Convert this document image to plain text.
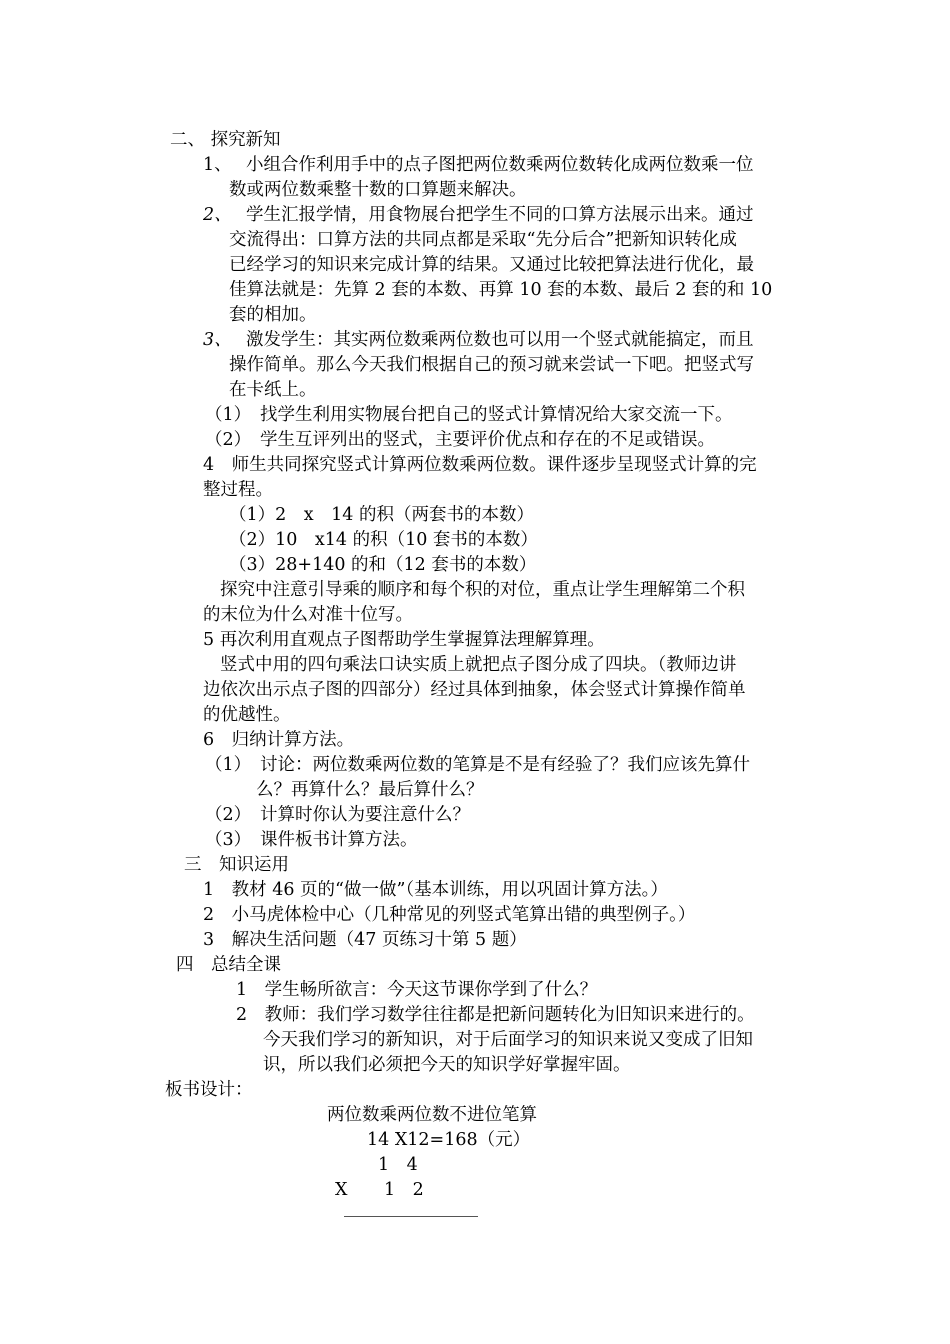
二、 探究新知
1、 小组合作利用手中的点子图把两位数乘两位数转化成两位数乘一位
数或两位数乘整十数的口算题来解决。
2、 学生汇报学情，用食物展台把学生不同的口算方法展示出来。通过
交流得出：口算方法的共同点都是采取“先分后合”把新知识转化成
已经学习的知识来完成计算的结果。又通过比较把算法进行优化，最
佳算法就是：先算 2 套的本数、再算 10 套的本数、最后 2 套的和 10
套的相加。
3、 激发学生：其实两位数乘两位数也可以用一个竖式就能搞定，而且
操作简单。那么今天我们根据自己的预习就来尝试一下吧。把竖式写
在卡纸上。
（1） 找学生利用实物展台把自己的竖式计算情况给大家交流一下。
（2） 学生互评列出的竖式，主要评价优点和存在的不足或错误。
4　师生共同探究竖式计算两位数乘两位数。课件逐步呈现竖式计算的完
整过程。
（1）2　x　14 的积（两套书的本数）
（2）10　x14 的积（10 套书的本数）
（3）28+140 的和（12 套书的本数）
探究中注意引导乘的顺序和每个积的对位，重点让学生理解第二个积
的末位为什么对准十位写。
5 再次利用直观点子图帮助学生掌握算法理解算理。
竖式中用的四句乘法口诀实质上就把点子图分成了四块。（教师边讲
边依次出示点子图的四部分）经过具体到抽象，体会竖式计算操作简单
的优越性。
6　归纳计算方法。
（1） 讨论：两位数乘两位数的笔算是不是有经验了？我们应该先算什
么？再算什么？最后算什么？
（2） 计算时你认为要注意什么？
（3） 课件板书计算方法。
三　知识运用
1　教材 46 页的“做一做”（基本训练，用以巩固计算方法。）
2　小马虎体检中心（几种常见的列竖式笔算出错的典型例子。）
3　解决生活问题（47 页练习十第 5 题）
四　总结全课
1　学生畅所欲言：今天这节课你学到了什么？
2　教师：我们学习数学往往都是把新问题转化为旧知识来进行的。
今天我们学习的新知识，对于后面学习的知识来说又变成了旧知
识，所以我们必须把今天的知识学好掌握牢固。
板书设计：
两位数乘两位数不进位笔算
14 X12=168（元）
1　4
X 1　2
